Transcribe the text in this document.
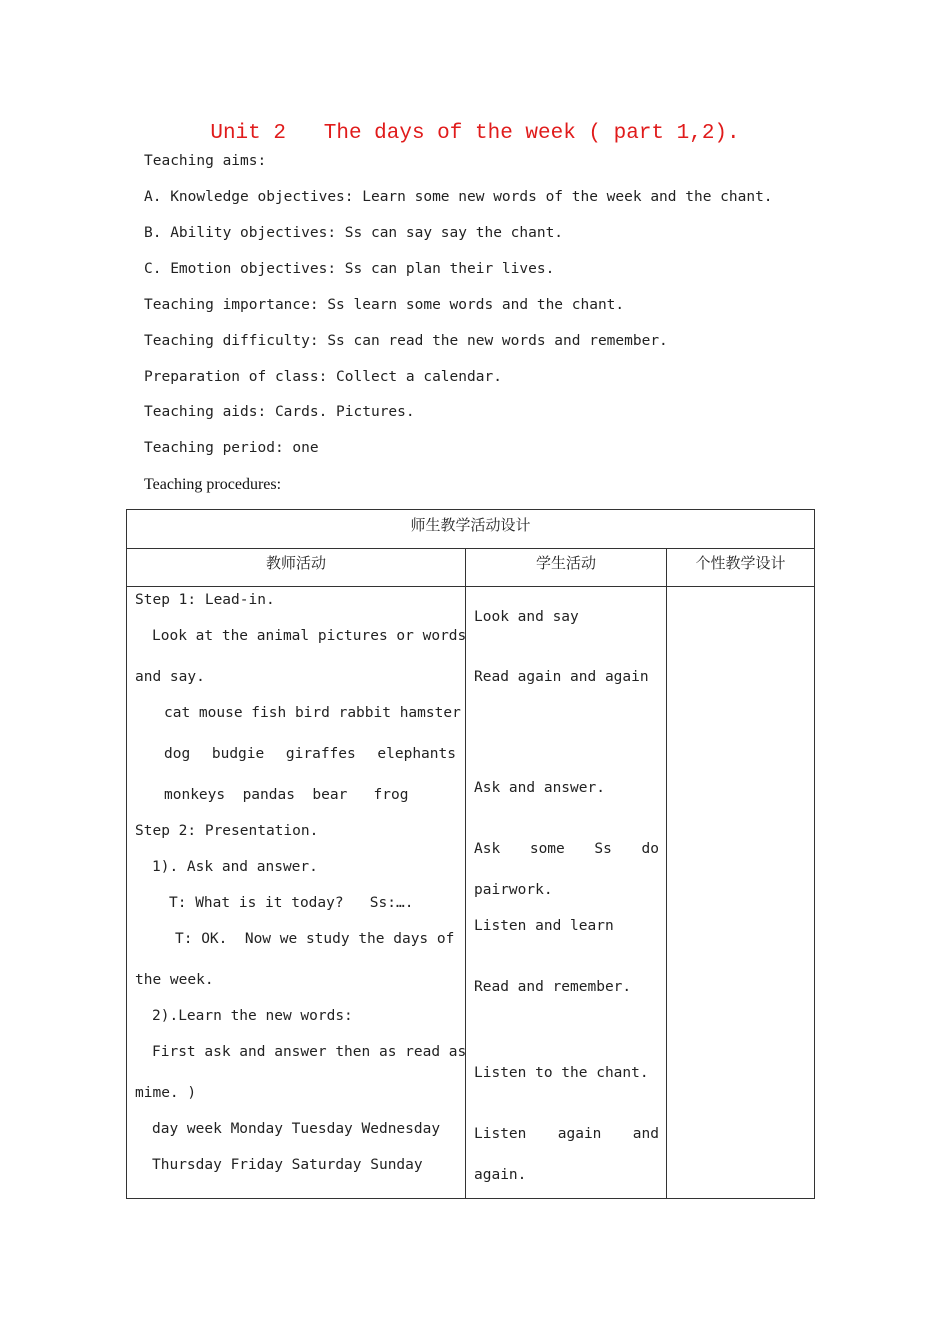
Unit 2   The days of the week ( part 1,2).
Teaching aims:
A. Knowledge objectives: Learn some new words of the week and the chant.
B. Ability objectives: Ss can say say the chant.
C. Emotion objectives: Ss can plan their lives.
Teaching importance: Ss learn some words and the chant.
Teaching difficulty: Ss can read the new words and remember.
Preparation of class: Collect a calendar.
Teaching aids: Cards. Pictures.
Teaching period: one
Teaching procedures:
师生教学活动设计
教师活动	学生活动	个性教学设计
Step 1: Lead-in.
Look at the animal pictures or words
and say.
cat mouse fish bird rabbit hamster
dog budgie giraffes elephants
monkeys  pandas  bear   frog
Step 2: Presentation.
1). Ask and answer.
T: What is it today?   Ss:….
T: OK.  Now we study the days of
the week.
2).Learn the new words:
First ask and answer then as read as
mime. )
day week Monday Tuesday Wednesday
Thursday Friday Saturday Sunday
Look and say
Read again and again
Ask and answer.
Ask some Ss do
pairwork.
Listen and learn
Read and remember.
Listen to the chant.
Listen again and
again.
